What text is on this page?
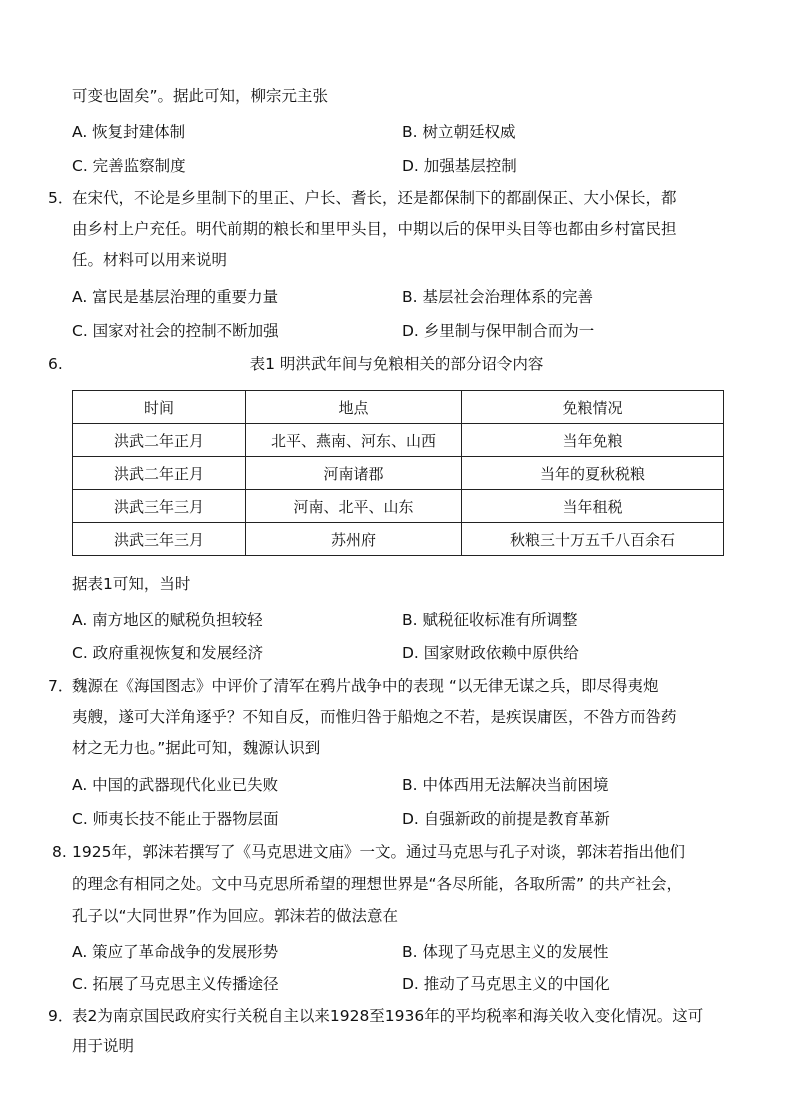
可变也固矣”。据此可知，柳宗元主张
A. 恢复封建体制	B. 树立朝廷权威
C. 完善监察制度	D. 加强基层控制
5．
在宋代，不论是乡里制下的里正、户长、耆长，还是都保制下的都副保正、大小保长，都
由乡村上户充任。明代前期的粮长和里甲头目，中期以后的保甲头目等也都由乡村富民担
任。材料可以用来说明
A. 富民是基层治理的重要力量	B. 基层社会治理体系的完善
C. 国家对社会的控制不断加强	D. 乡里制与保甲制合而为一
6.	表1 明洪武年间与免粮相关的部分诏令内容
时间	地点	免粮情况
洪武二年正月	北平、燕南、河东、山西	当年免粮
洪武二年正月	河南诸郡	当年的夏秋税粮
洪武三年三月	河南、北平、山东	当年租税
洪武三年三月	苏州府	秋粮三十万五千八百余石
据表1可知，当时
A. 南方地区的赋税负担较轻	B. 赋税征收标准有所调整
C. 政府重视恢复和发展经济	D. 国家财政依赖中原供给
7．
魏源在《海国图志》中评价了清军在鸦片战争中的表现 “以无律无谋之兵，即尽得夷炮
夷艘，遂可大洋角逐乎？不知自反，而惟归咎于船炮之不若，是疾误庸医，不咎方而咎药
材之无力也。”据此可知，魏源认识到
A. 中国的武器现代化业已失败	B. 中体西用无法解决当前困境
C. 师夷长技不能止于器物层面	D. 自强新政的前提是教育革新
8. 1925年，郭沫若撰写了《马克思进文庙》一文。通过马克思与孔子对谈，郭沫若指出他们
的理念有相同之处。文中马克思所希望的理想世界是“各尽所能，各取所需” 的共产社会，
孔子以“大同世界”作为回应。郭沫若的做法意在
A. 策应了革命战争的发展形势	B. 体现了马克思主义的发展性
C. 拓展了马克思主义传播途径	D. 推动了马克思主义的中国化
9．
表2为南京国民政府实行关税自主以来1928至1936年的平均税率和海关收入变化情况。这可
用于说明
